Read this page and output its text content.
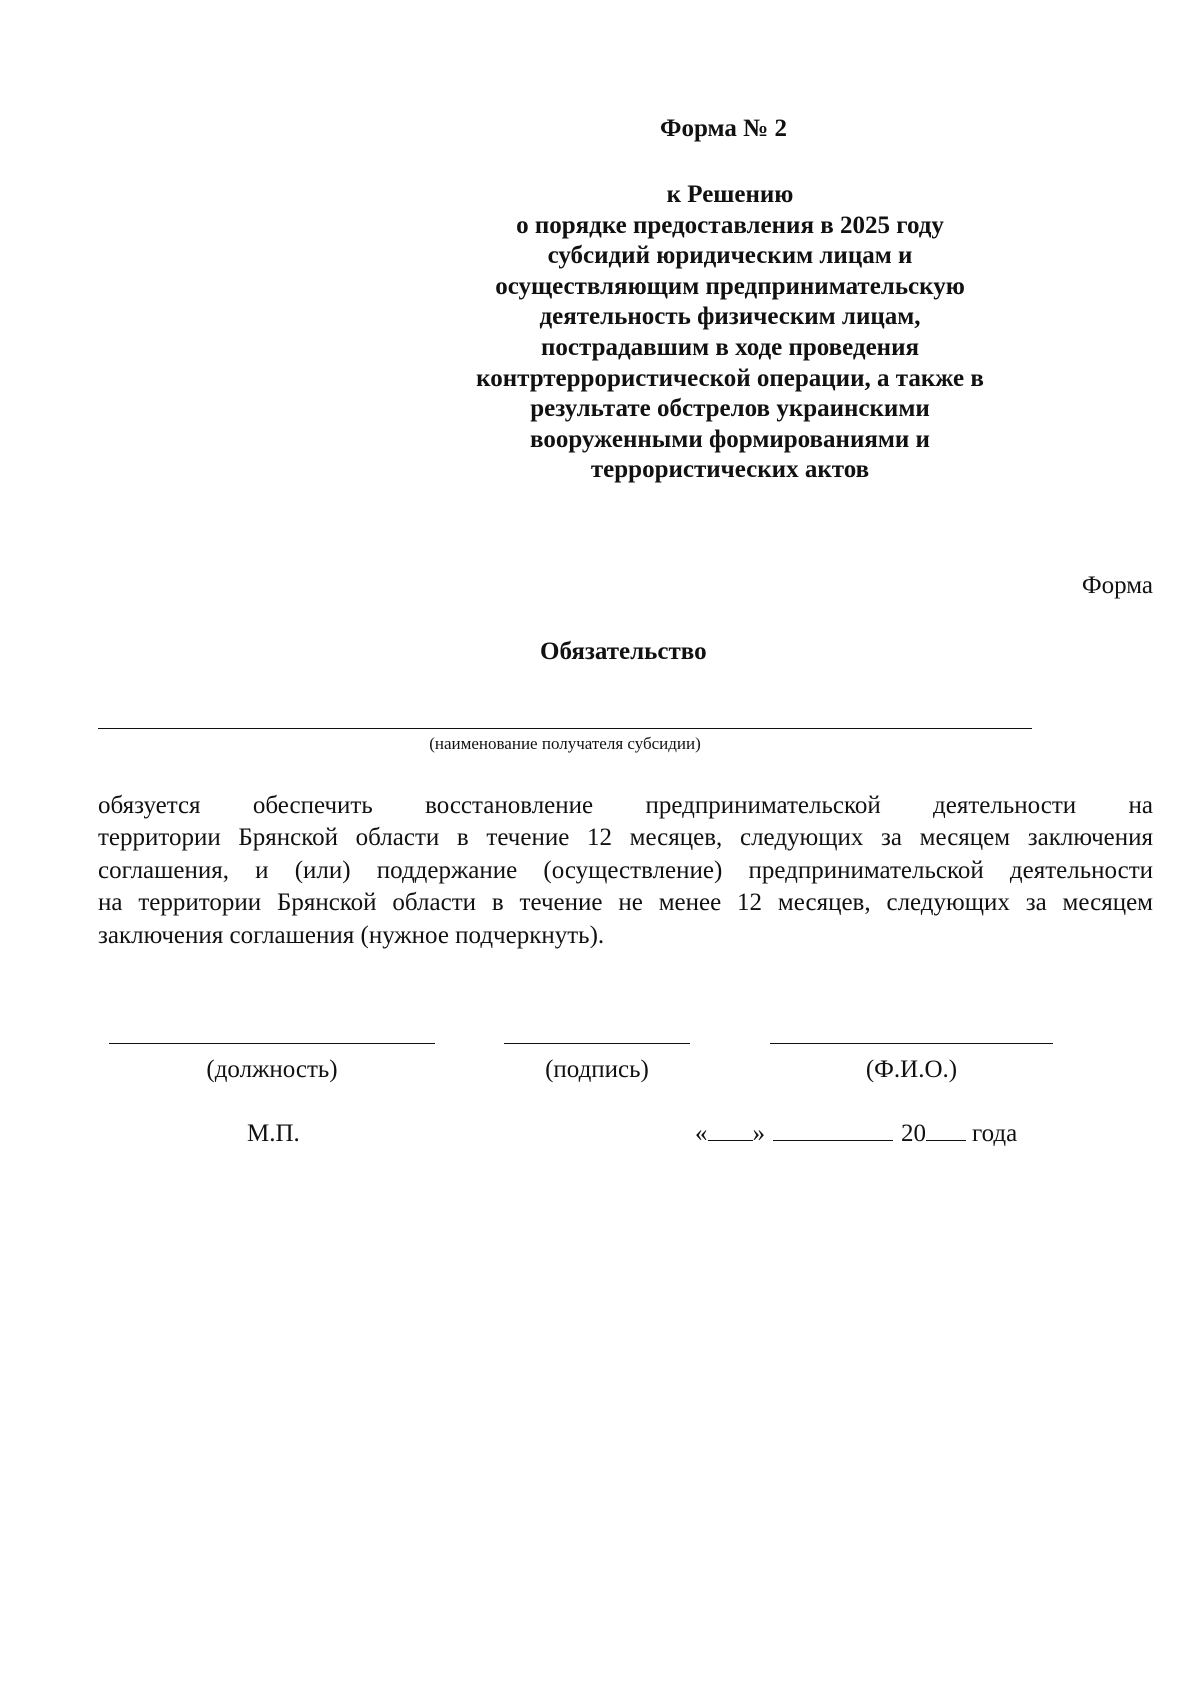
Форма № 2
к Решению
о порядке предоставления в 2025 году
субсидий юридическим лицам и
осуществляющим предпринимательскую
деятельность физическим лицам,
пострадавшим в ходе проведения
контртеррористической операции, а также в
результате обстрелов украинскими
вооруженными формированиями и
террористических актов
Форма
Обязательство
(наименование получателя субсидии)
обязуется обеспечить восстановление предпринимательской деятельности на
территории Брянской области в течение 12 месяцев, следующих за месяцем заключения
соглашения, и (или) поддержание (осуществление) предпринимательской деятельности
на территории Брянской области в течение не менее 12 месяцев, следующих за месяцем
заключения соглашения (нужное подчеркнуть).
(должность)	(подпись)	(Ф.И.О.)
М.П.	« »	20 года
